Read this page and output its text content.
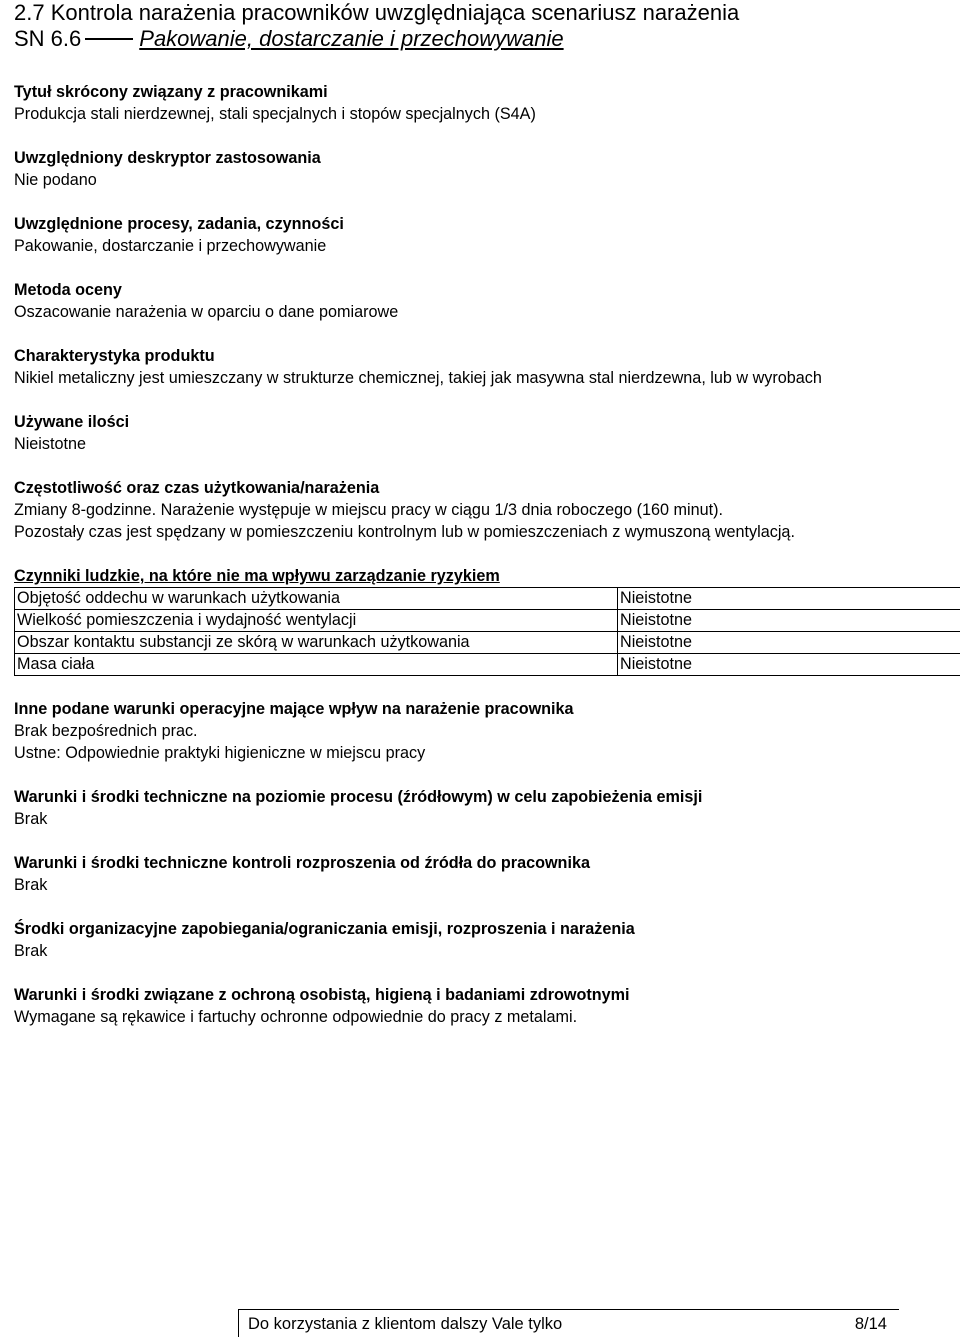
2.7 Kontrola narażenia pracowników uwzględniająca scenariusz narażenia
SN 6.6	Pakowanie, dostarczanie i przechowywanie

Tytuł skrócony związany z pracownikami

Produkcja stali nierdzewnej, stali specjalnych i stopów specjalnych (S4A)

Uwzględniony deskryptor zastosowania

Nie podano

Uwzględnione procesy, zadania, czynności

Pakowanie, dostarczanie i przechowywanie

Metoda oceny

Oszacowanie narażenia w oparciu o dane pomiarowe

Charakterystyka produktu

Nikiel metaliczny jest umieszczany w strukturze chemicznej, takiej jak masywna stal nierdzewna, lub w wyrobach

Używane ilości

Nieistotne

Częstotliwość oraz czas użytkowania/narażenia

Zmiany 8-godzinne. Narażenie występuje w miejscu pracy w ciągu 1/3 dnia roboczego (160 minut).

Pozostały czas jest spędzany w pomieszczeniu kontrolnym lub w pomieszczeniach z wymuszoną wentylacją.

Czynniki ludzkie, na które nie ma wpływu zarządzanie ryzykiem

Objętość oddechu w warunkach użytkowania	Nieistotne
Wielkość pomieszczenia i wydajność wentylacji	Nieistotne
Obszar kontaktu substancji ze skórą w warunkach użytkowania	Nieistotne
Masa ciała	Nieistotne

Inne podane warunki operacyjne mające wpływ na narażenie pracownika

Brak bezpośrednich prac.

Ustne: Odpowiednie praktyki higieniczne w miejscu pracy

Warunki i środki techniczne na poziomie procesu (źródłowym) w celu zapobieżenia emisji

Brak

Warunki i środki techniczne kontroli rozproszenia od źródła do pracownika

Brak

Środki organizacyjne zapobiegania/ograniczania emisji, rozproszenia i narażenia

Brak

Warunki i środki związane z ochroną osobistą, higieną i badaniami zdrowotnymi

Wymagane są rękawice i fartuchy ochronne odpowiednie do pracy z metalami.

Do korzystania z klientom dalszy Vale tylko	8/14
